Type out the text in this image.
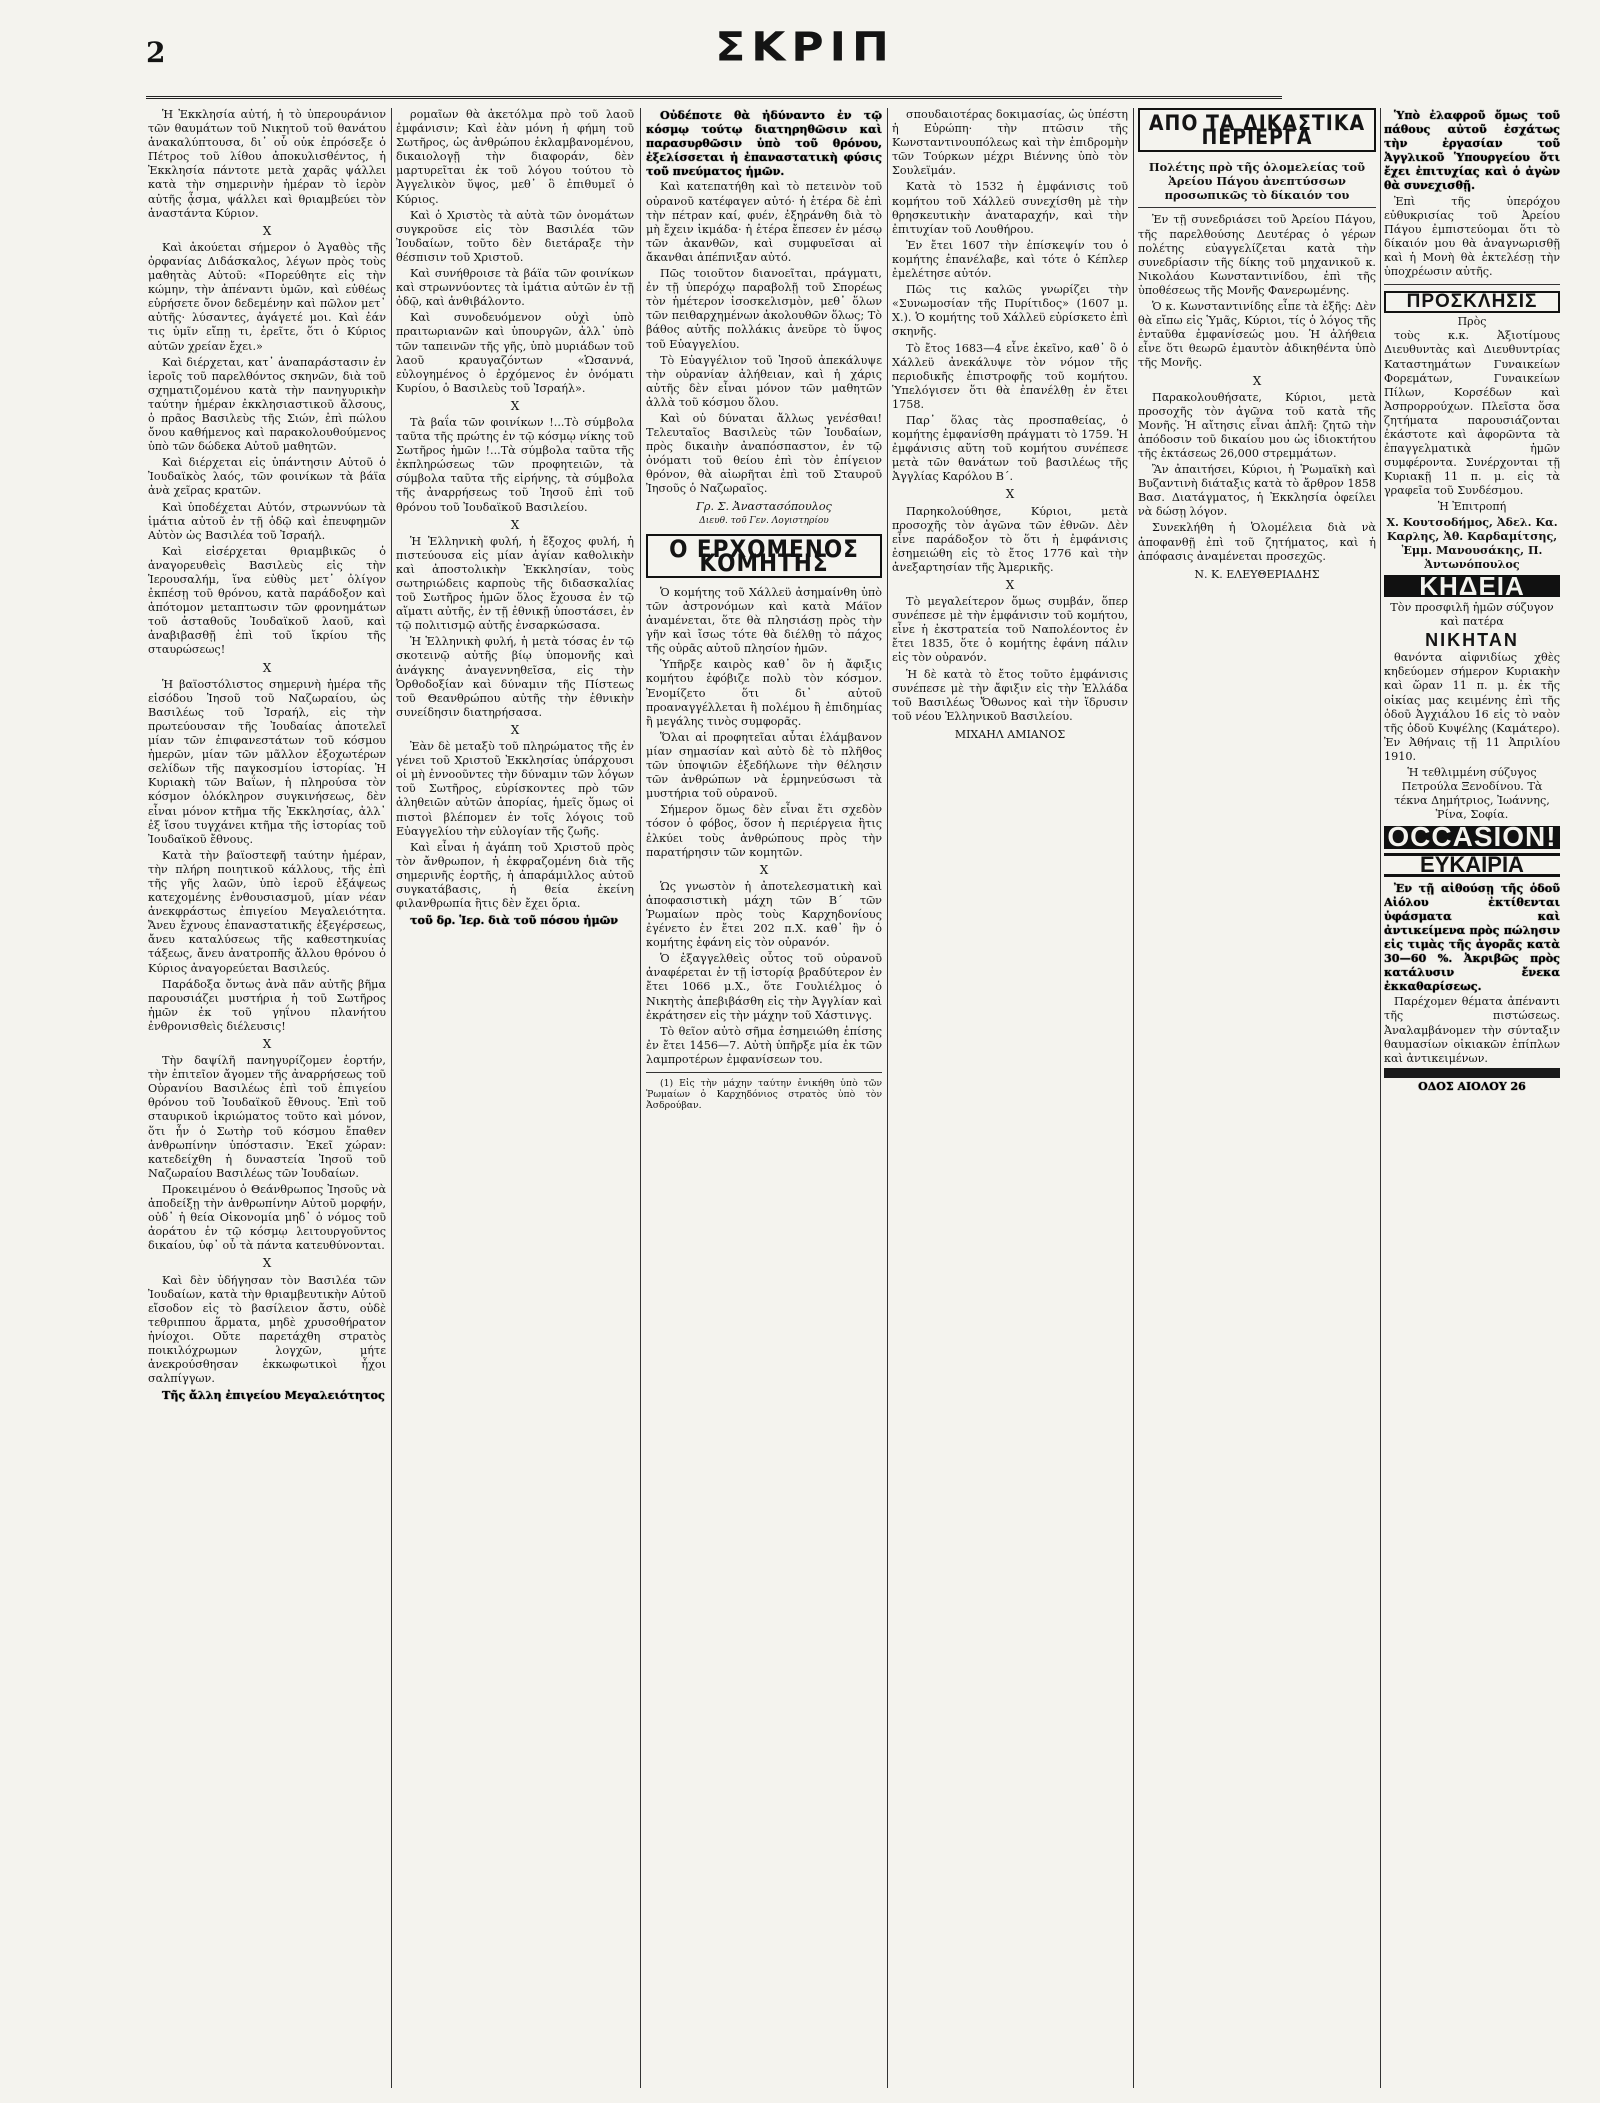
2	ΣΚΡΙΠ

Ἡ Ἐκκλησία αὐτή, ἡ τὸ ὑπερουράνιον τῶν θαυμάτων τοῦ Νικητοῦ τοῦ θανάτου ἀνακαλύπτουσα, δι᾽ οὗ οὐκ ἐπρόσεξε ὁ Πέτρος τοῦ λίθου ἀποκυλισθέντος, ἡ Ἐκκλησία πάντοτε μετὰ χαρᾶς ψάλλει κατὰ τὴν σημερινὴν ἡμέραν τὸ ἱερὸν αὐτῆς ᾆσμα, ψάλλει καὶ θριαμβεύει τὸν ἀναστάντα Κύριον.

X

Καὶ ἀκούεται σήμερον ὁ Ἀγαθὸς τῆς ὀρφανίας Διδάσκαλος, λέγων πρὸς τοὺς μαθητὰς Αὐτοῦ: «Πορεύθητε εἰς τὴν κώμην, τὴν ἀπέναντι ὑμῶν, καὶ εὐθέως εὑρήσετε ὄνον δεδεμένην καὶ πῶλον μετ᾽ αὐτῆς· λύσαντες, ἀγάγετέ μοι. Καὶ ἐάν τις ὑμῖν εἴπῃ τι, ἐρεῖτε, ὅτι ὁ Κύριος αὐτῶν χρείαν ἔχει.»

Καὶ διέρχεται, κατ᾽ ἀναπαράστασιν ἐν ἱεροῖς τοῦ παρελθόντος σκηνῶν, διὰ τοῦ σχηματιζομένου κατὰ τὴν πανηγυρικὴν ταύτην ἡμέραν ἐκκλησιαστικοῦ ἄλσους, ὁ πρᾶος Βασιλεὺς τῆς Σιών, ἐπὶ πώλου ὄνου καθήμενος καὶ παρακολουθούμενος ὑπὸ τῶν δώδεκα Αὐτοῦ μαθητῶν.

Καὶ διέρχεται εἰς ὑπάντησιν Αὐτοῦ ὁ Ἰουδαϊκὸς λαός, τῶν φοινίκων τὰ βάϊα ἀνὰ χεῖρας κρατῶν.

Καὶ ὑποδέχεται Αὐτόν, στρωννύων τὰ ἱμάτια αὐτοῦ ἐν τῇ ὁδῷ καὶ ἐπευφημῶν Αὐτὸν ὡς Βασιλέα τοῦ Ἰσραήλ.

Καὶ εἰσέρχεται θριαμβικῶς ὁ ἀναγορευθεὶς Βασιλεὺς εἰς τὴν Ἱερουσαλήμ, ἵνα εὐθὺς μετ᾽ ὀλίγον ἐκπέσῃ τοῦ θρόνου, κατὰ παράδοξον καὶ ἀπότομον μεταπτωσιν τῶν φρονημάτων τοῦ ἀσταθοῦς Ἰουδαϊκοῦ λαοῦ, καὶ ἀναβιβασθῇ ἐπὶ τοῦ ἴκρίου τῆς σταυρώσεως!

X

Ἡ βαϊοστόλιστος σημερινὴ ἡμέρα τῆς εἰσόδου Ἰησοῦ τοῦ Ναζωραίου, ὡς Βασιλέως τοῦ Ἰσραήλ, εἰς τὴν πρωτεύουσαν τῆς Ἰουδαίας ἀποτελεῖ μίαν τῶν ἐπιφανεστάτων τοῦ κόσμου ἡμερῶν, μίαν τῶν μᾶλλον ἐξοχωτέρων σελίδων τῆς παγκοσμίου ἱστορίας. Ἡ Κυριακὴ τῶν Βαΐων, ἡ πληρούσα τὸν κόσμον ὁλόκληρον συγκινήσεως, δὲν εἶναι μόνον κτῆμα τῆς Ἐκκλησίας, ἀλλ᾽ ἐξ ἴσου τυγχάνει κτῆμα τῆς ἱστορίας τοῦ Ἰουδαϊκοῦ ἔθνους.

Κατὰ τὴν βαϊοστεφῆ ταύτην ἡμέραν, τὴν πλήρη ποιητικοῦ κάλλους, τῆς ἐπὶ τῆς γῆς λαῶν, ὑπὸ ἱεροῦ ἐξάψεως κατεχομένης ἐνθουσιασμοῦ, μίαν νέαν ἀνεκφράστως ἐπιγείου Μεγαλειότητα. Ἄνευ ἔχνους ἐπαναστατικῆς ἐξεγέρσεως, ἄνευ καταλύσεως τῆς καθεστηκυίας τάξεως, ἄνευ ἀνατροπῆς ἄλλου θρόνου ὁ Κύριος ἀναγορεύεται Βασιλεύς.

Παράδοξα ὄντως ἀνὰ πᾶν αὐτῆς βῆμα παρουσιάζει μυστήρια ἡ τοῦ Σωτῆρος ἡμῶν ἐκ τοῦ γηΐνου πλανήτου ἐνθρονισθεὶς διέλευσις!

X

Τὴν δαψίλῆ πανηγυρίζομεν ἑορτήν, τὴν ἐπιτεῖον ἄγομεν τῆς ἀναρρήσεως τοῦ Οὐρανίου Βασιλέως ἐπὶ τοῦ ἐπιγείου θρόνου τοῦ Ἰουδαϊκοῦ ἔθνους. Ἐπὶ τοῦ σταυρικοῦ ἱκριώματος τοῦτο καὶ μόνον, ὅτι ἦν ὁ Σωτὴρ τοῦ κόσμου ἔπαθεν ἀνθρωπίνην ὑπόστασιν. Ἐκεῖ χώραν: κατεδείχθη ἡ δυναστεία Ἰησοῦ τοῦ Ναζωραίου Βασιλέως τῶν Ἰουδαίων.

Προκειμένου ὁ Θεάνθρωπος Ἰησοῦς νὰ ἀποδείξῃ τὴν ἀνθρωπίνην Αὐτοῦ μορφήν, οὐδ᾽ ἡ θεία Οἰκονομία μηδ᾽ ὁ νόμος τοῦ ἀοράτου ἐν τῷ κόσμῳ λειτουργοῦντος δικαίου, ὑφ᾽ οὗ τὰ πάντα κατευθύνονται.

X

Καὶ δὲν ὑδήγησαν τὸν Βασιλέα τῶν Ἰουδαίων, κατὰ τὴν θριαμβευτικὴν Αὐτοῦ εἴσοδον εἰς τὸ βασίλειον ἄστυ, οὐδὲ τεθριππου ἅρματα, μηδὲ χρυσοθήρατον ἡνίοχοι. Οὔτε παρετάχθη στρατὸς ποικιλόχρωμων λογχῶν, μήτε ἀνεκρούσθησαν ἐκκωφωτικοὶ ἦχοι σαλπίγγων.

Τῆς ἄλλη ἐπιγείου Μεγαλειότητος

ρομαῖων θὰ ἀκετόλμα πρὸ τοῦ λαοῦ ἐμφάνισιν; Καὶ ἐὰν μόνη ἡ φήμη τοῦ Σωτῆρος, ὡς ἀνθρώπου ἐκλαμβανομένου, δικαιολογῇ τὴν διαφοράν, δὲν μαρτυρεῖται ἐκ τοῦ λόγου τούτου τὸ Ἀγγελικὸν ὕψος, μεθ᾽ ὃ ἐπιθυμεῖ ὁ Κύριος.

Καὶ ὁ Χριστὸς τὰ αὐτὰ τῶν ὀνομάτων συγκροῦσε εἰς τὸν Βασιλέα τῶν Ἰουδαίων, τοῦτο δὲν διετάραξε τὴν θέσπισιν τοῦ Χριστοῦ.

Καὶ συνήθροισε τὰ βάϊα τῶν φοινίκων καὶ στρωννύοντες τὰ ἱμάτια αὐτῶν ἐν τῇ ὁδῷ, καὶ ἀνθιβάλοντο.

Καὶ συνοδευόμενον οὐχὶ ὑπὸ πραιτωριανῶν καὶ ὑπουργῶν, ἀλλ᾽ ὑπὸ τῶν ταπεινῶν τῆς γῆς, ὑπὸ μυριάδων τοῦ λαοῦ κραυγαζόντων «Ὡσαννά, εὐλογημένος ὁ ἐρχόμενος ἐν ὀνόματι Κυρίου, ὁ Βασιλεὺς τοῦ Ἰσραήλ».

X

Τὰ βαΐα τῶν φοινίκων !...Τὸ σύμβολα ταῦτα τῆς πρώτης ἐν τῷ κόσμῳ νίκης τοῦ Σωτῆρος ἡμῶν !...Τὰ σύμβολα ταῦτα τῆς ἐκπληρώσεως τῶν προφητειῶν, τὰ σύμβολα ταῦτα τῆς εἰρήνης, τὰ σύμβολα τῆς ἀναρρήσεως τοῦ Ἰησοῦ ἐπὶ τοῦ θρόνου τοῦ Ἰουδαϊκοῦ Βασιλείου.

X

Ἡ Ἑλληνικὴ φυλή, ἡ ἔξοχος φυλή, ἡ πιστεύουσα εἰς μίαν ἁγίαν καθολικὴν καὶ ἀποστολικὴν Ἐκκλησίαν, τοὺς σωτηριώδεις καρποὺς τῆς διδασκαλίας τοῦ Σωτῆρος ἡμῶν ὅλος ἔχουσα ἐν τῷ αἵματι αὐτῆς, ἐν τῇ ἐθνικῇ ὑποστάσει, ἐν τῷ πολιτισμῷ αὐτῆς ἐνσαρκώσασα.

Ἡ Ἑλληνικὴ φυλή, ἡ μετὰ τόσας ἐν τῷ σκοτεινῷ αὐτῆς βίῳ ὑπομονῆς καὶ ἀνάγκης ἀναγεννηθεῖσα, εἰς τὴν Ὀρθοδοξίαν καὶ δύναμιν τῆς Πίστεως τοῦ Θεανθρώπου αὐτῆς τὴν ἐθνικὴν συνείδησιν διατηρήσασα.

X

Ἐὰν δὲ μεταξὺ τοῦ πληρώματος τῆς ἐν γένει τοῦ Χριστοῦ Ἐκκλησίας ὑπάρχουσι οἱ μὴ ἐννοοῦντες τὴν δύναμιν τῶν λόγων τοῦ Σωτῆρος, εὑρίσκοντες πρὸ τῶν ἀληθειῶν αὐτῶν ἀπορίας, ἡμεῖς ὅμως οἱ πιστοὶ βλέπομεν ἐν τοῖς λόγοις τοῦ Εὐαγγελίου τὴν εὐλογίαν τῆς ζωῆς.

Καὶ εἶναι ἡ ἀγάπη τοῦ Χριστοῦ πρὸς τὸν ἄνθρωπον, ἡ ἐκφραζομένη διὰ τῆς σημερινῆς ἑορτῆς, ἡ ἀπαράμιλλος αὐτοῦ συγκατάβασις, ἡ θεία ἐκείνη φιλανθρωπία ἣτις δὲν ἔχει ὅρια.

τοῦ δρ. Ἱερ. διὰ τοῦ πόσου ἡμῶν

Οὐδέποτε θὰ ἠδύναντο ἐν τῷ κόσμῳ τούτῳ διατηρηθῶσιν καὶ παρασυρθῶσιν ὑπὸ τοῦ θρόνου, ἐξελίσσεται ἡ ἐπαναστατικὴ φύσις τοῦ πνεύματος ἡμῶν.

Καὶ κατεπατήθη καὶ τὸ πετεινὸν τοῦ οὐρανοῦ κατέφαγεν αὐτό· ἡ ἑτέρα δὲ ἐπὶ τὴν πέτραν καί, φυέν, ἐξηράνθη διὰ τὸ μὴ ἔχειν ἰκμάδα· ἡ ἑτέρα ἔπεσεν ἐν μέσῳ τῶν ἀκανθῶν, καὶ συμφυεῖσαι αἱ ἄκανθαι ἀπέπνιξαν αὐτό.

Πῶς τοιοῦτον διανοεῖται, πράγματι, ἐν τῇ ὑπερόχῳ παραβολῇ τοῦ Σπορέως τὸν ἡμέτερον ἰσοσκελισμὸν, μεθ᾽ ὅλων τῶν πειθαρχημένων ἀκολουθῶν ὅλως; Τὸ βάθος αὐτῆς πολλάκις ἀνεῦρε τὸ ὕψος τοῦ Εὐαγγελίου.

Τὸ Εὐαγγέλιον τοῦ Ἰησοῦ ἀπεκάλυψε τὴν οὐρανίαν ἀλήθειαν, καὶ ἡ χάρις αὐτῆς δὲν εἶναι μόνον τῶν μαθητῶν ἀλλὰ τοῦ κόσμου ὅλου.

Καὶ οὐ δύναται ἄλλως γενέσθαι! Τελευταῖος Βασιλεὺς τῶν Ἰουδαίων, πρὸς δικαιὴν ἀναπόσπαστον, ἐν τῷ ὀνόματι τοῦ θείου ἐπὶ τὸν ἐπίγειον θρόνον, θὰ αἰωρῆται ἐπὶ τοῦ Σταυροῦ Ἰησοῦς ὁ Ναζωραῖος.

Γρ. Σ. Ἀναστασόπουλος
Διευθ. τοῦ Γεν. Λογιστηρίου
Ο ΕΡΧΟΜΕΝΟΣ ΚΟΜΗΤΗΣ

Ὁ κομήτης τοῦ Χάλλεϋ ἀσημαίνθη ὑπὸ τῶν ἀστρονόμων καὶ κατὰ Μάϊον ἀναμένεται, ὅτε θὰ πλησιάσῃ πρὸς τὴν γῆν καὶ ἴσως τότε θὰ διέλθῃ τὸ πάχος τῆς οὐρᾶς αὐτοῦ πλησίον ἡμῶν.

Ὑπῆρξε καιρὸς καθ᾽ ὃν ἡ ἄφιξις κομήτου ἐφόβιζε πολὺ τὸν κόσμον. Ἐνομίζετο ὅτι δι᾽ αὐτοῦ προαναγγέλλεται ἢ πολέμου ἢ ἐπιδημίας ἢ μεγάλης τινὸς συμφορᾶς.

Ὅλαι αἱ προφητεῖαι αὗται ἐλάμβανον μίαν σημασίαν καὶ αὐτὸ δὲ τὸ πλῆθος τῶν ὑποψιῶν ἐξεδήλωνε τὴν θέλησιν τῶν ἀνθρώπων νὰ ἑρμηνεύσωσι τὰ μυστήρια τοῦ οὐρανοῦ.

Σήμερον ὅμως δὲν εἶναι ἔτι σχεδὸν τόσον ὁ φόβος, ὅσον ἡ περιέργεια ἣτις ἐλκύει τοὺς ἀνθρώπους πρὸς τὴν παρατήρησιν τῶν κομητῶν.

X

Ὡς γνωστὸν ἡ ἀποτελεσματικὴ καὶ ἀποφασιστικὴ μάχη τῶν Β΄ τῶν Ῥωμαίων πρὸς τοὺς Καρχηδονίους ἐγένετο ἐν ἔτει 202 π.Χ. καθ᾽ ἣν ὁ κομήτης ἐφάνη εἰς τὸν οὐρανόν.

Ὁ ἐξαγγελθεὶς οὗτος τοῦ οὐρανοῦ ἀναφέρεται ἐν τῇ ἱστορίᾳ βραδύτερον ἐν ἔτει 1066 μ.Χ., ὅτε Γουλιέλμος ὁ Νικητὴς ἀπεβιβάσθη εἰς τὴν Ἀγγλίαν καὶ ἐκράτησεν εἰς τὴν μάχην τοῦ Χάστινγς.

Τὸ θεῖον αὐτὸ σῆμα ἐσημειώθη ἐπίσης ἐν ἔτει 1456—7. Αὐτὴ ὑπῆρξε μία ἐκ τῶν λαμπροτέρων ἐμφανίσεων του.

(1) Εἰς τὴν μάχην ταύτην ἐνικήθη ὑπὸ τῶν Ῥωμαίων ὁ Καρχηδόνιος στρατὸς ὑπὸ τὸν Ἀσδρούβαν.

σπουδαιοτέρας δοκιμασίας, ὡς ὑπέστη ἡ Εὐρώπη· τὴν πτῶσιν τῆς Κωνσταντινουπόλεως καὶ τὴν ἐπιδρομὴν τῶν Τούρκων μέχρι Βιέννης ὑπὸ τὸν Σουλεϊμάν.

Κατὰ τὸ 1532 ἡ ἐμφάνισις τοῦ κομήτου τοῦ Χάλλεϋ συνεχίσθη μὲ τὴν θρησκευτικὴν ἀναταραχήν, καὶ τὴν ἐπιτυχίαν τοῦ Λουθήρου.

Ἐν ἔτει 1607 τὴν ἐπίσκεψίν του ὁ κομήτης ἐπανέλαβε, καὶ τότε ὁ Κέπλερ ἐμελέτησε αὐτόν.

Πῶς τις καλῶς γνωρίζει τὴν «Συνωμοσίαν τῆς Πυρίτιδος» (1607 μ. Χ.). Ὁ κομήτης τοῦ Χάλλεϋ εὑρίσκετο ἐπὶ σκηνῆς.

Τὸ ἔτος 1683—4 εἶνε ἐκεῖνο, καθ᾽ ὃ ὁ Χάλλεϋ ἀνεκάλυψε τὸν νόμον τῆς περιοδικῆς ἐπιστροφῆς τοῦ κομήτου. Ὑπελόγισεν ὅτι θὰ ἐπανέλθῃ ἐν ἔτει 1758.

Παρ᾽ ὅλας τὰς προσπαθείας, ὁ κομήτης ἐμφανίσθη πράγματι τὸ 1759. Ἡ ἐμφάνισις αὕτη τοῦ κομήτου συνέπεσε μετὰ τῶν θανάτων τοῦ βασιλέως τῆς Ἀγγλίας Καρόλου Β΄.

X

Παρηκολούθησε, Κύριοι, μετὰ προσοχῆς τὸν ἀγῶνα τῶν ἐθνῶν. Δὲν εἶνε παράδοξον τὸ ὅτι ἡ ἐμφάνισις ἐσημειώθη εἰς τὸ ἔτος 1776 καὶ τὴν ἀνεξαρτησίαν τῆς Ἀμερικῆς.

X

Τὸ μεγαλείτερον ὅμως συμβάν, ὅπερ συνέπεσε μὲ τὴν ἐμφάνισιν τοῦ κομήτου, εἶνε ἡ ἐκστρατεία τοῦ Ναπολέοντος ἐν ἔτει 1835, ὅτε ὁ κομήτης ἐφάνη πάλιν εἰς τὸν οὐρανόν.

Ἡ δὲ κατὰ τὸ ἔτος τοῦτο ἐμφάνισις συνέπεσε μὲ τὴν ἄφιξιν εἰς τὴν Ἑλλάδα τοῦ Βασιλέως Ὄθωνος καὶ τὴν ἵδρυσιν τοῦ νέου Ἑλληνικοῦ Βασιλείου.

ΜΙΧΑΗΛ ΑΜΙΑΝΟΣ
ΑΠΟ ΤΑ ΔΙΚΑΣΤΙΚΑ ΠΕΡΙΕΡΓΑ

Πολέτης πρὸ τῆς ὁλομελείας τοῦ Ἀρείου Πάγου ἀνεπτύσσων προσωπικῶς τὸ δίκαιόν του

Ἐν τῇ συνεδριάσει τοῦ Ἀρείου Πάγου, τῆς παρελθούσης Δευτέρας ὁ γέρων πολέτης εὐαγγελίζεται κατὰ τὴν συνεδρίασιν τῆς δίκης τοῦ μηχανικοῦ κ. Νικολάου Κωνσταντινίδου, ἐπὶ τῆς ὑποθέσεως τῆς Μονῆς Φανερωμένης.

Ὁ κ. Κωνσταντινίδης εἶπε τὰ ἑξῆς: Δὲν θὰ εἴπω εἰς Ὑμᾶς, Κύριοι, τίς ὁ λόγος τῆς ἐνταῦθα ἐμφανίσεώς μου. Ἡ ἀλήθεια εἶνε ὅτι θεωρῶ ἐμαυτὸν ἀδικηθέντα ὑπὸ τῆς Μονῆς.

X

Παρακολουθήσατε, Κύριοι, μετὰ προσοχῆς τὸν ἀγῶνα τοῦ κατὰ τῆς Μονῆς. Ἡ αἴτησις εἶναι ἀπλῆ: ζητῶ τὴν ἀπόδοσιν τοῦ δικαίου μου ὡς ἰδιοκτήτου τῆς ἐκτάσεως 26,000 στρεμμάτων.

Ἂν ἀπαιτήσει, Κύριοι, ἡ Ῥωμαϊκὴ καὶ Βυζαντινὴ διάταξις κατὰ τὸ ἄρθρον 1858 Βασ. Διατάγματος, ἡ Ἐκκλησία ὀφείλει νὰ δώσῃ λόγον.

Συνεκλήθη ἡ Ὁλομέλεια διὰ νὰ ἀποφανθῇ ἐπὶ τοῦ ζητήματος, καὶ ἡ ἀπόφασις ἀναμένεται προσεχῶς.

Ν. Κ. ΕΛΕΥΘΕΡΙΑΔΗΣ

Ὑπὸ ἐλαφροῦ ὅμως τοῦ πάθους αὐτοῦ ἐσχάτως τὴν ἐργασίαν τοῦ Ἀγγλικοῦ Ὑπουργείου ὅτι ἔχει ἐπιτυχίας καὶ ὁ ἀγὼν θὰ συνεχισθῇ.

Ἐπὶ τῆς ὑπερόχου εὐθυκρισίας τοῦ Ἀρείου Πάγου ἐμπιστεύομαι ὅτι τὸ δίκαιόν μου θὰ ἀναγνωρισθῇ καὶ ἡ Μονὴ θὰ ἐκτελέσῃ τὴν ὑποχρέωσιν αὐτῆς.

ΠΡΟΣΚΛΗΣΙΣ
Πρὸς

τοὺς κ.κ. Ἀξιοτίμους Διευθυντὰς καὶ Διευθυντρίας Καταστημάτων Γυναικείων Φορεμάτων, Γυναικείων Πίλων, Κορσέδων καὶ Ἀσπρορρούχων. Πλεῖστα ὅσα ζητήματα παρουσιάζονται ἑκάστοτε καὶ ἀφορῶντα τὰ ἐπαγγελματικὰ ἡμῶν συμφέροντα. Συνέρχονται τῇ Κυριακῇ 11 π. μ. εἰς τὰ γραφεῖα τοῦ Συνδέσμου.

Ἡ Ἐπιτροπή

Χ. Κουτσοδήμος, Ἀδελ. Κα. Καρλης, Ἀθ. Καρδαμίτσης, Ἐμμ. Μανουσάκης, Π. Ἀντωνόπουλος

ΚΗΔΕΙΑ

Τὸν προσφιλῆ ἡμῶν σύζυγον καὶ πατέρα

ΝΙΚΗΤΑΝ

θανόντα αἰφνιδίως χθὲς κηδεύομεν σήμερον Κυριακὴν καὶ ὥραν 11 π. μ. ἐκ τῆς οἰκίας μας κειμένης ἐπὶ τῆς ὁδοῦ Ἀγχιάλου 16 εἰς τὸ ναὸν τῆς ὁδοῦ Κυψέλης (Καμάτερο). Ἐν Ἀθήναις τῇ 11 Ἀπριλίου 1910.

Ἡ τεθλιμμένη σύζυγος Πετρούλα Ξενοδίνου. Τὰ τέκνα Δημήτριος, Ἰωάννης, Ῥίνα, Σοφία.

OCCASION!
ΕΥΚΑΙΡΙΑ

Ἐν τῇ αἰθούσῃ τῆς ὁδοῦ Αἰόλου ἐκτίθενται ὑφάσματα καὶ ἀντικείμενα πρὸς πώλησιν εἰς τιμὰς τῆς ἀγορᾶς κατὰ 30—60 %. Ἀκριβῶς πρὸς κατάλυσιν ἔνεκα ἐκκαθαρίσεως.

Παρέχομεν θέματα ἀπέναντι τῆς πιστώσεως. Ἀναλαμβάνομεν τὴν σύνταξιν θαυμασίων οἰκιακῶν ἐπίπλων καὶ ἀντικειμένων.

ΟΔΟΣ ΑΙΟΛΟΥ 26
